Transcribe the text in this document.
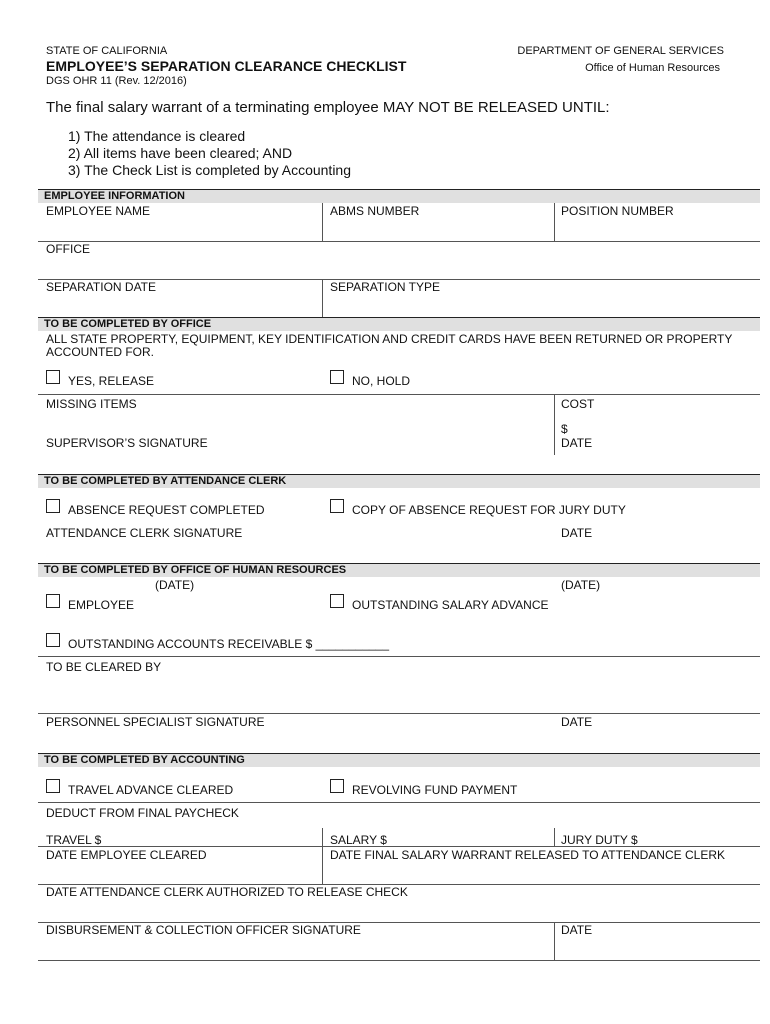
STATE OF CALIFORNIA
EMPLOYEE’S SEPARATION CLEARANCE CHECKLIST
DGS OHR 11 (Rev. 12/2016)
DEPARTMENT OF GENERAL SERVICES
Office of Human Resources
The final salary warrant of a terminating employee MAY NOT BE RELEASED UNTIL:
1) The attendance is cleared
2) All items have been cleared; AND
3) The Check List is completed by Accounting
EMPLOYEE INFORMATION
EMPLOYEE NAME	ABMS NUMBER	POSITION NUMBER
OFFICE
SEPARATION DATE	SEPARATION TYPE
TO BE COMPLETED BY OFFICE
ALL STATE PROPERTY, EQUIPMENT, KEY IDENTIFICATION AND CREDIT CARDS HAVE BEEN RETURNED OR PROPERTY
ACCOUNTED FOR.
YES, RELEASE	NO, HOLD
MISSING ITEMS	COST
$
SUPERVISOR’S SIGNATURE	DATE
TO BE COMPLETED BY ATTENDANCE CLERK
ABSENCE REQUEST COMPLETED	COPY OF ABSENCE REQUEST FOR JURY DUTY
ATTENDANCE CLERK SIGNATURE	DATE
TO BE COMPLETED BY OFFICE OF HUMAN RESOURCES
(DATE)	(DATE)
EMPLOYEE	OUTSTANDING SALARY ADVANCE
OUTSTANDING ACCOUNTS RECEIVABLE $ ___________
TO BE CLEARED BY
PERSONNEL SPECIALIST SIGNATURE	DATE
TO BE COMPLETED BY ACCOUNTING
TRAVEL ADVANCE CLEARED	REVOLVING FUND PAYMENT
DEDUCT FROM FINAL PAYCHECK
TRAVEL $	SALARY $	JURY DUTY $
DATE EMPLOYEE CLEARED	DATE FINAL SALARY WARRANT RELEASED TO ATTENDANCE CLERK
DATE ATTENDANCE CLERK AUTHORIZED TO RELEASE CHECK
DISBURSEMENT & COLLECTION OFFICER SIGNATURE	DATE
